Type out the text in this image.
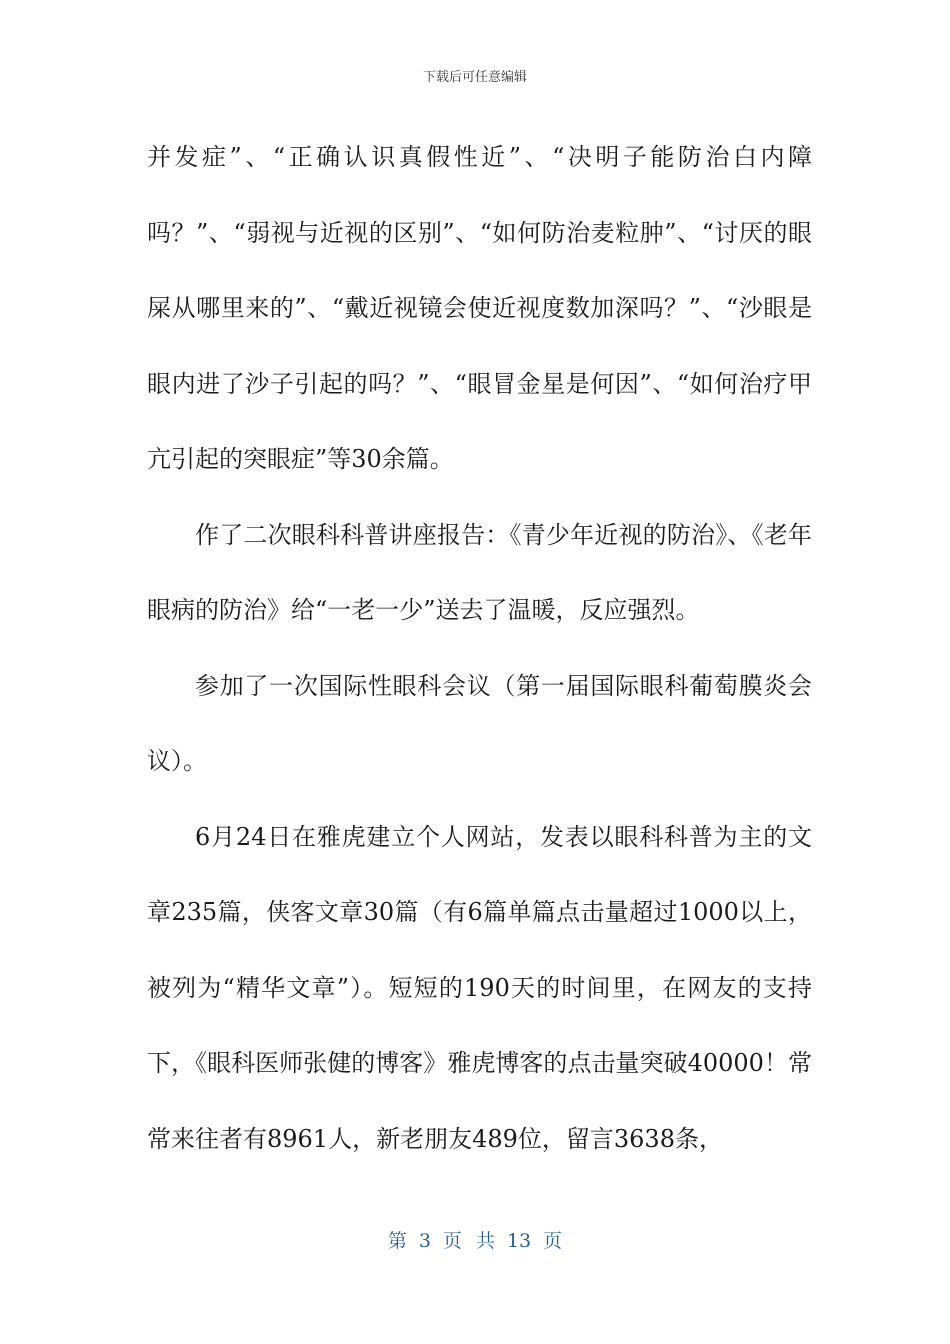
下载后可任意编辑

并发症”、“正确认识真假性近”、“决明子能防治白内障吗？”、“弱视与近视的区别”、“如何防治麦粒肿”、“讨厌的眼屎从哪里来的”、“戴近视镜会使近视度数加深吗？”、“沙眼是眼内进了沙子引起的吗？”、“眼冒金星是何因”、“如何治疗甲亢引起的突眼症”等30余篇。

作了二次眼科科普讲座报告：《青少年近视的防治》、《老年眼病的防治》给“一老一少”送去了温暖，反应强烈。

参加了一次国际性眼科会议（第一届国际眼科葡萄膜炎会议）。

6月24日在雅虎建立个人网站，发表以眼科科普为主的文章235篇，侠客文章30篇（有6篇单篇点击量超过1000以上，被列为“精华文章”）。短短的190天的时间里，在网友的支持下，《眼科医师张健的博客》雅虎博客的点击量突破40000！常常来往者有8961人，新老朋友489位，留言3638条，

第 3 页 共 13 页
